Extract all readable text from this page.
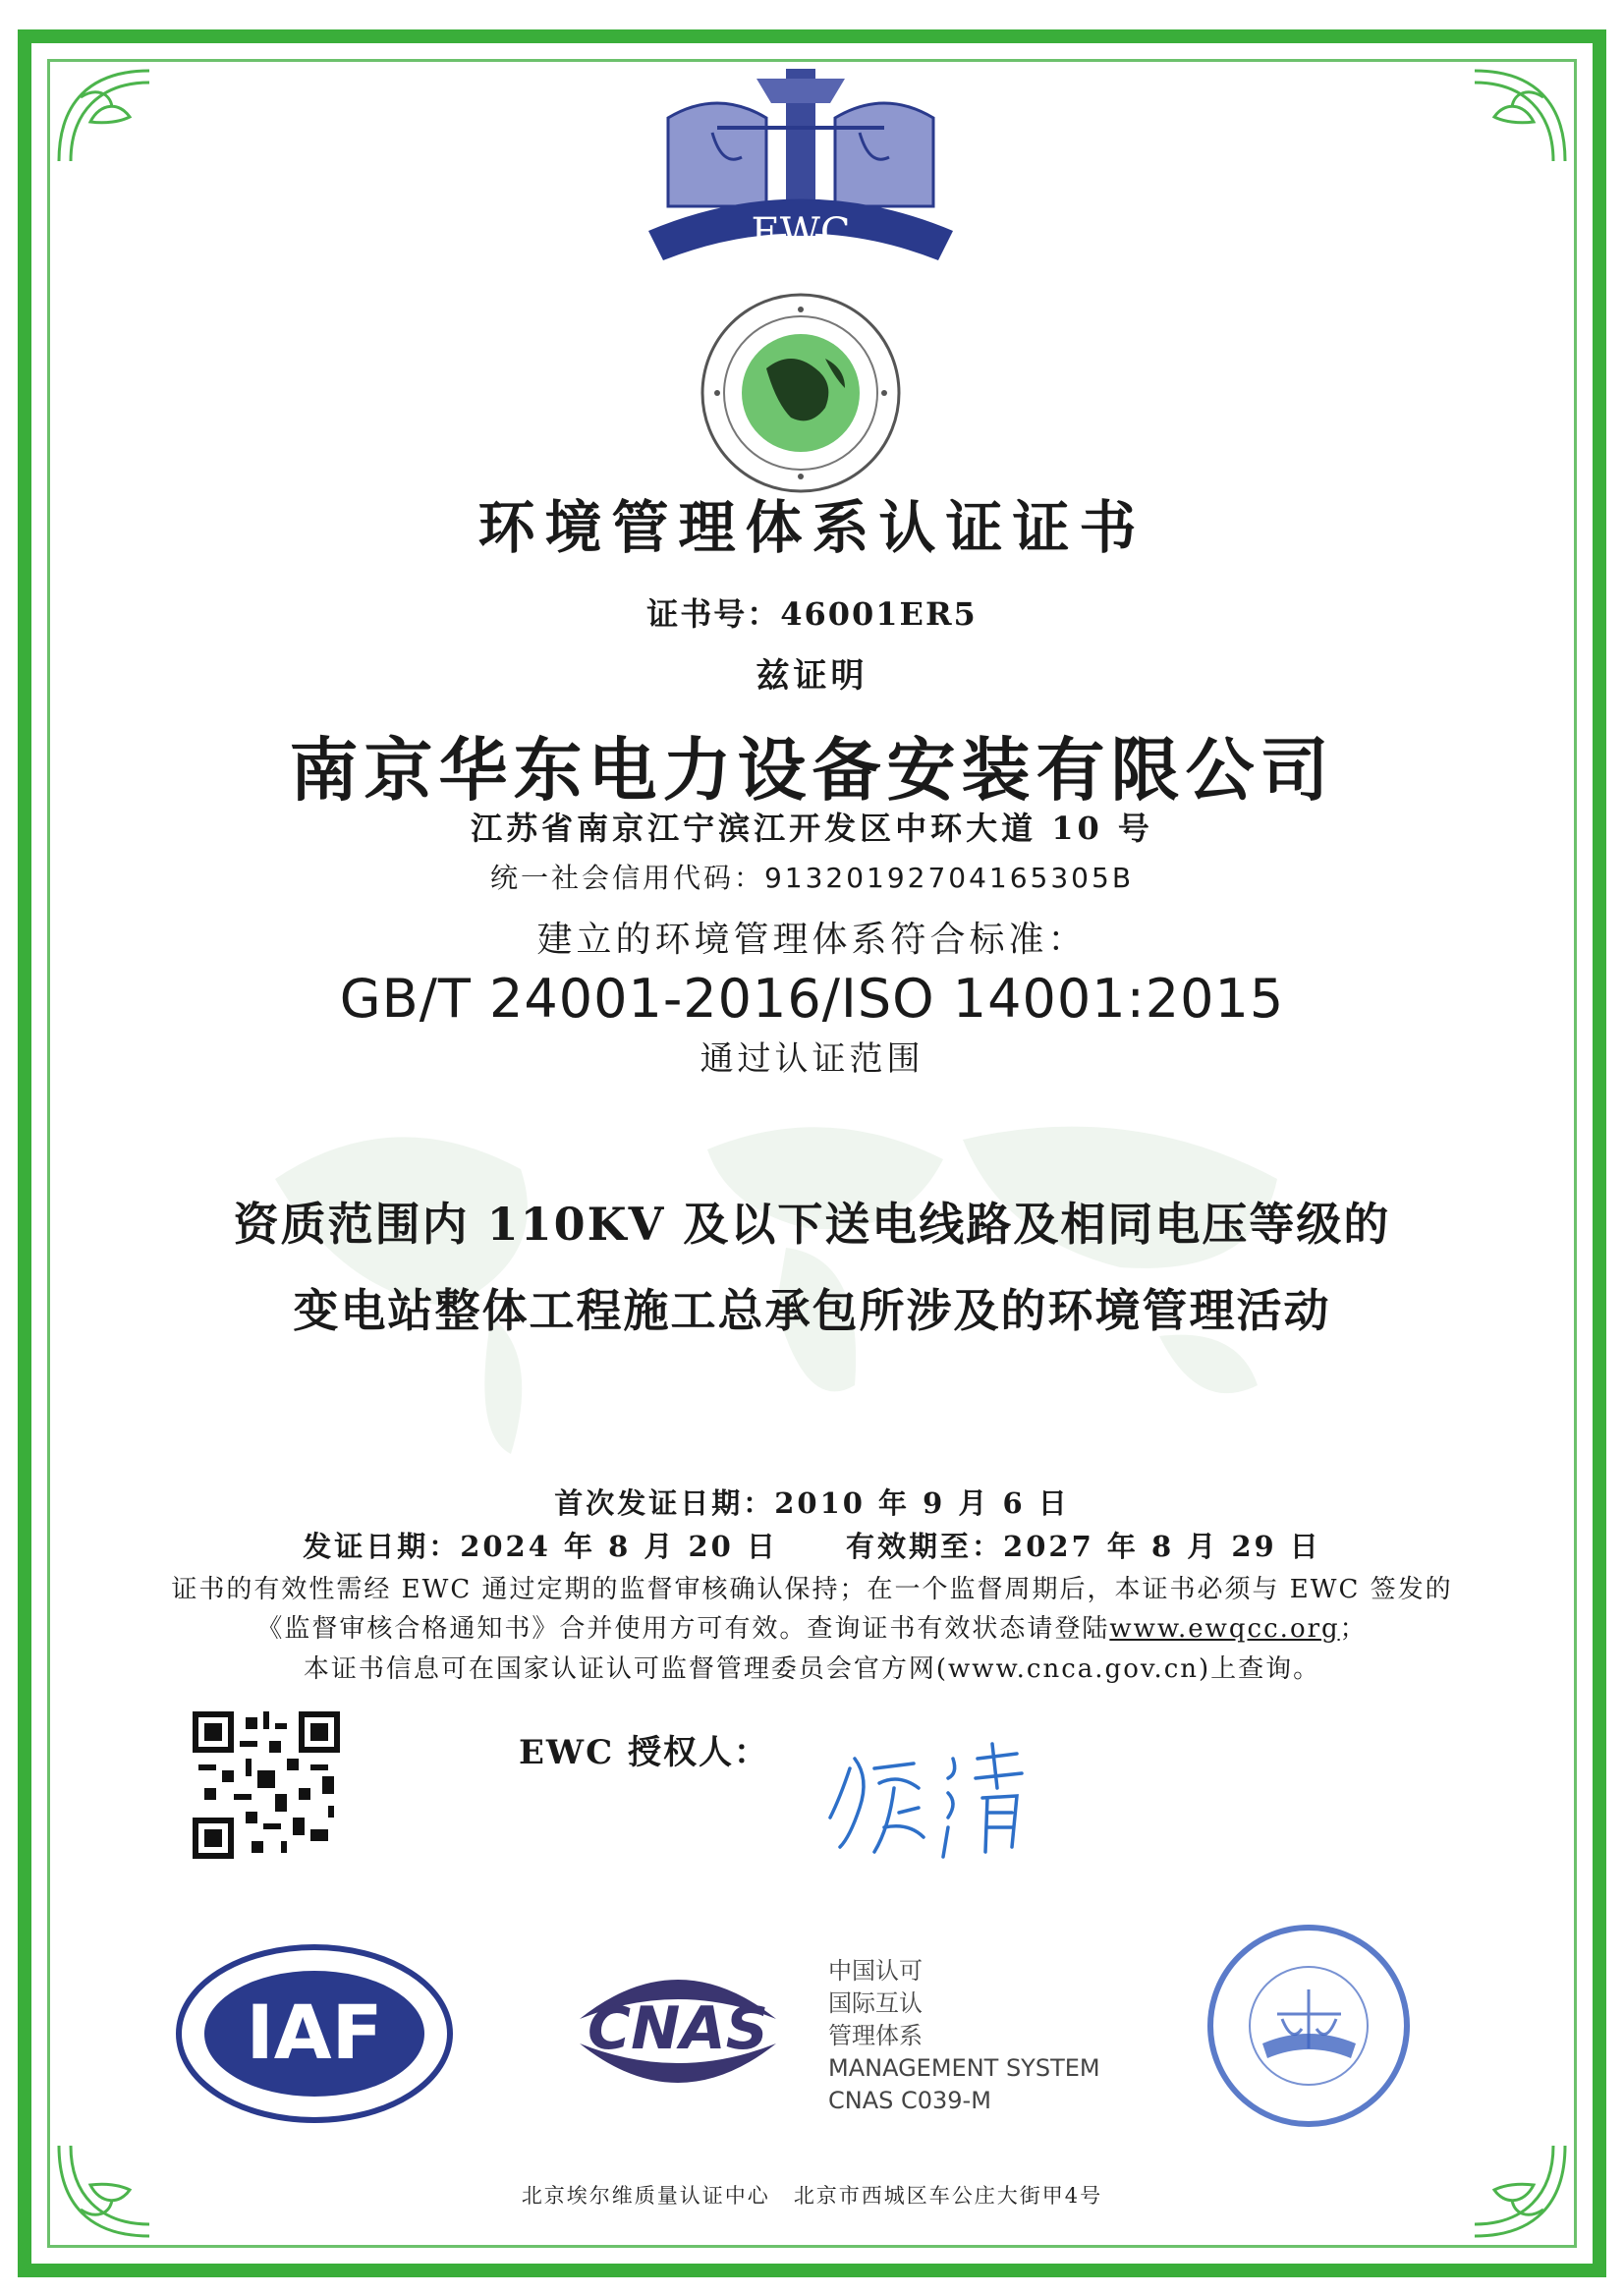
EWC
环境管理体系认证证书
证书号：46001ER5
兹证明
南京华东电力设备安装有限公司
江苏省南京江宁滨江开发区中环大道 10 号
统一社会信用代码：91320192704165305B
建立的环境管理体系符合标准：
GB/T 24001-2016/ISO 14001:2015
通过认证范围
资质范围内 110KV 及以下送电线路及相同电压等级的
变电站整体工程施工总承包所涉及的环境管理活动
首次发证日期：2010 年 9 月 6 日
发证日期：2024 年 8 月 20 日 有效期至：2027 年 8 月 29 日
证书的有效性需经 EWC 通过定期的监督审核确认保持；在一个监督周期后，本证书必须与 EWC 签发的
《监督审核合格通知书》合并使用方可有效。查询证书有效状态请登陆www.ewqcc.org；
本证书信息可在国家认证认可监督管理委员会官方网(www.cnca.gov.cn)上查询。
EWC 授权人：
IAF	CNAS
中国认可
国际互认
管理体系
MANAGEMENT SYSTEM
CNAS C039-M
北京埃尔维质量认证中心 北京市西城区车公庄大街甲4号
